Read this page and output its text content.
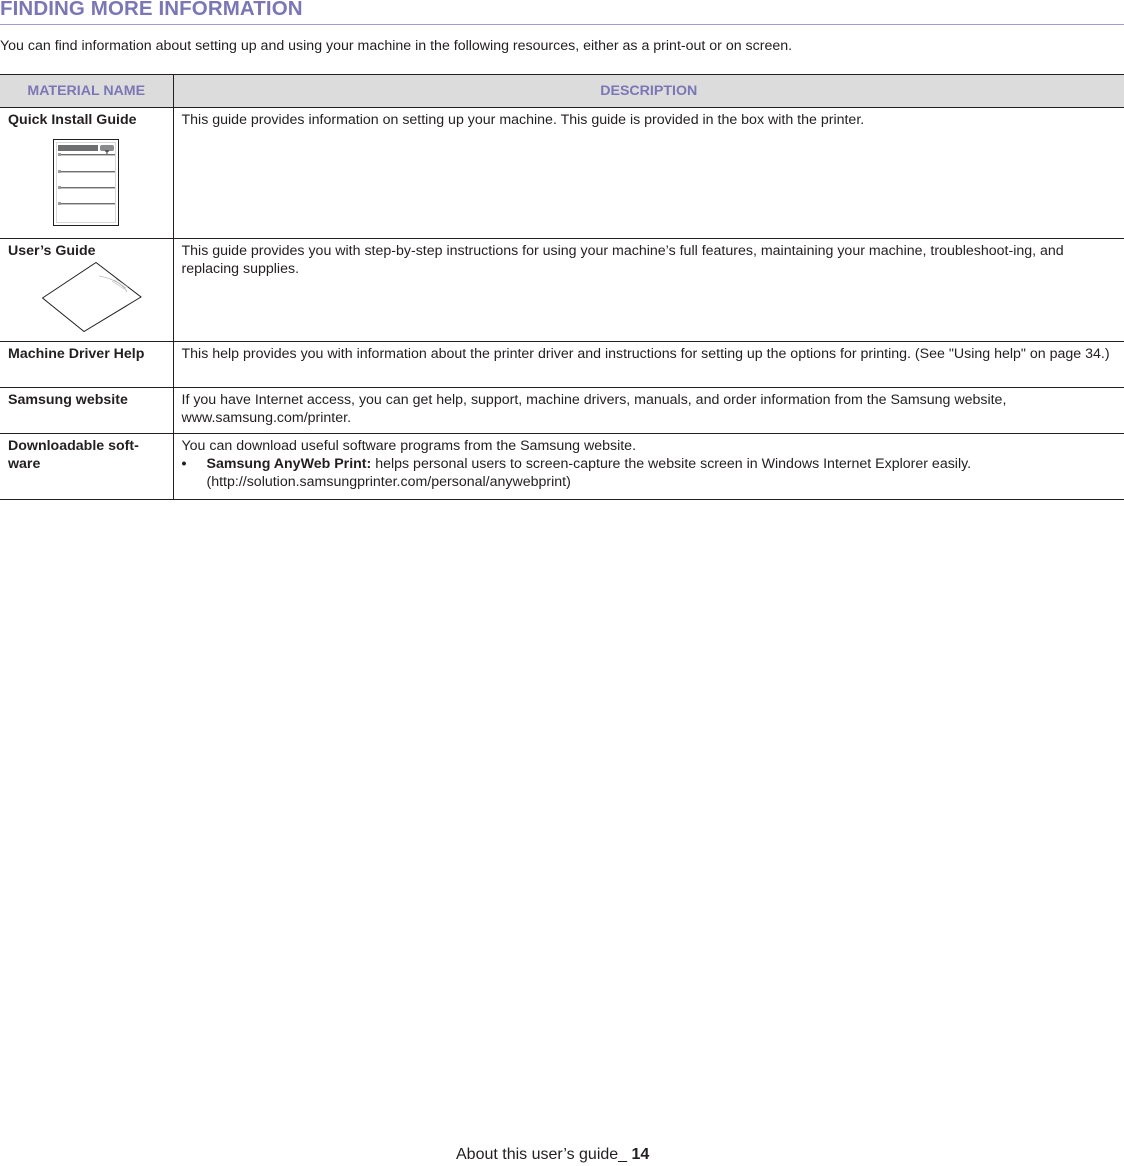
FINDING MORE INFORMATION
You can find information about setting up and using your machine in the following resources, either as a print-out or on screen.
MATERIAL NAME	DESCRIPTION

Quick Install Guide	This guide provides information on setting up your machine. This guide is provided in the box with the printer.

User’s Guide	This guide provides you with step-by-step instructions for using your machine’s full features, maintaining your machine, troubleshoot-ing, and replacing supplies.
Machine Driver Help	This help provides you with information about the printer driver and instructions for setting up the options for printing. (See "Using help" on page 34.)
Samsung website	If you have Internet access, you can get help, support, machine drivers, manuals, and order information from the Samsung website, www.samsung.com/printer.
Downloadable soft-ware	You can download useful software programs from the Samsung website.
• Samsung AnyWeb Print: helps personal users to screen-capture the website screen in Windows Internet Explorer easily. (http://solution.samsungprinter.com/personal/anywebprint)
About this user’s guide_ 14
